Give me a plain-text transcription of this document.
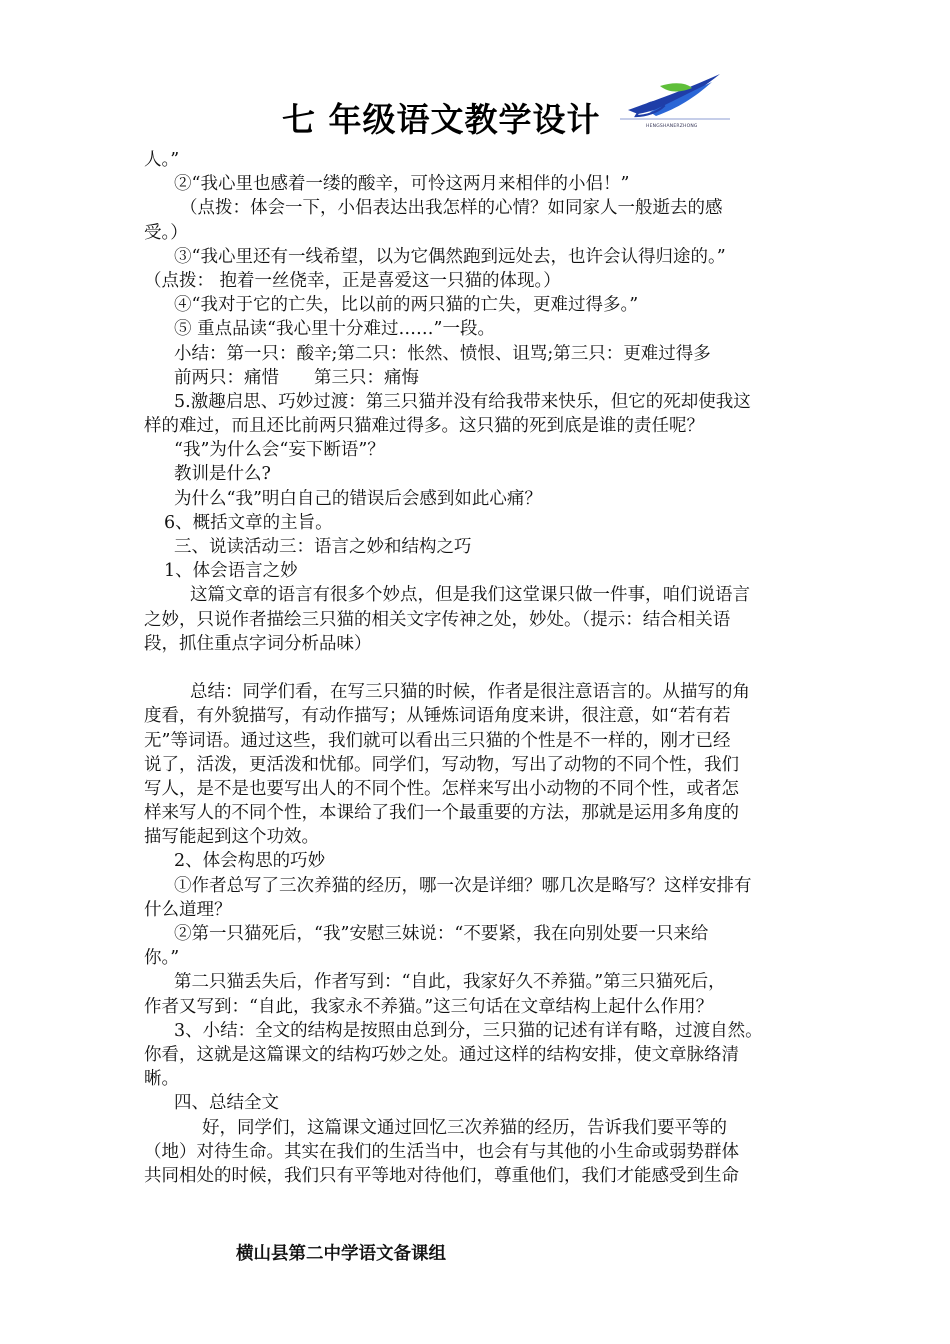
七 年级语文教学设计	HENGSHANERZHONG
人。”
②“我心里也感着一缕的酸辛，可怜这两月来相伴的小侣！”
（点拨：体会一下，小侣表达出我怎样的心情？如同家人一般逝去的感
受。）
③“我心里还有一线希望，以为它偶然跑到远处去，也许会认得归途的。”
（点拨： 抱着一丝侥幸，正是喜爱这一只猫的体现。）
④“我对于它的亡失，比以前的两只猫的亡失，更难过得多。”
⑤ 重点品读“我心里十分难过……”一段。
小结：第一只：酸辛;第二只：怅然、愤恨、诅骂;第三只：更难过得多
前两只：痛惜　　第三只：痛悔
5.激趣启思、巧妙过渡：第三只猫并没有给我带来快乐，但它的死却使我这
样的难过，而且还比前两只猫难过得多。这只猫的死到底是谁的责任呢？
“我”为什么会“妄下断语”？
教训是什么?
为什么“我”明白自己的错误后会感到如此心痛？
6、概括文章的主旨。
三、说读活动三：语言之妙和结构之巧
1、体会语言之妙
这篇文章的语言有很多个妙点，但是我们这堂课只做一件事，咱们说语言
之妙，只说作者描绘三只猫的相关文字传神之处，妙处。（提示：结合相关语
段，抓住重点字词分析品味）
总结：同学们看，在写三只猫的时候，作者是很注意语言的。从描写的角
度看，有外貌描写，有动作描写；从锤炼词语角度来讲，很注意，如“若有若
无”等词语。通过这些，我们就可以看出三只猫的个性是不一样的，刚才已经
说了，活泼，更活泼和忧郁。同学们，写动物，写出了动物的不同个性，我们
写人，是不是也要写出人的不同个性。怎样来写出小动物的不同个性，或者怎
样来写人的不同个性，本课给了我们一个最重要的方法，那就是运用多角度的
描写能起到这个功效。
2、体会构思的巧妙
①作者总写了三次养猫的经历，哪一次是详细？哪几次是略写？这样安排有
什么道理？
②第一只猫死后，“我”安慰三妹说：“不要紧，我在向别处要一只来给
你。”
第二只猫丢失后，作者写到：“自此，我家好久不养猫。”第三只猫死后，
作者又写到：“自此，我家永不养猫。”这三句话在文章结构上起什么作用？
3、小结：全文的结构是按照由总到分，三只猫的记述有详有略，过渡自然。
你看，这就是这篇课文的结构巧妙之处。通过这样的结构安排，使文章脉络清
晰。
四、总结全文
好，同学们，这篇课文通过回忆三次养猫的经历，告诉我们要平等的
（地）对待生命。其实在我们的生活当中，也会有与其他的小生命或弱势群体
共同相处的时候，我们只有平等地对待他们，尊重他们，我们才能感受到生命
横山县第二中学语文备课组
